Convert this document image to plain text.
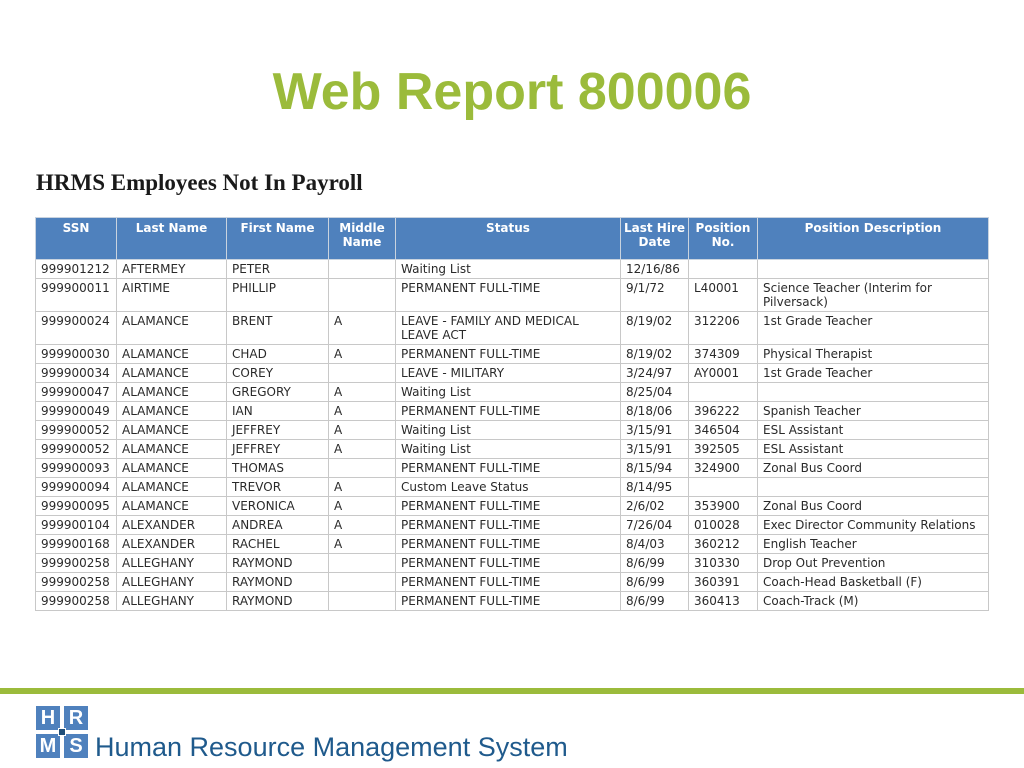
Web Report 800006
HRMS Employees Not In Payroll
SSN	Last Name	First Name	Middle Name	Status	Last Hire Date	Position No.	Position Description
999901212	AFTERMEY	PETER		Waiting List	12/16/86		
999900011	AIRTIME	PHILLIP		PERMANENT FULL-TIME	9/1/72	L40001	Science Teacher (Interim for Pilversack)
999900024	ALAMANCE	BRENT	A	LEAVE - FAMILY AND MEDICAL LEAVE ACT	8/19/02	312206	1st Grade Teacher
999900030	ALAMANCE	CHAD	A	PERMANENT FULL-TIME	8/19/02	374309	Physical Therapist
999900034	ALAMANCE	COREY		LEAVE - MILITARY	3/24/97	AY0001	1st Grade Teacher
999900047	ALAMANCE	GREGORY	A	Waiting List	8/25/04		
999900049	ALAMANCE	IAN	A	PERMANENT FULL-TIME	8/18/06	396222	Spanish Teacher
999900052	ALAMANCE	JEFFREY	A	Waiting List	3/15/91	346504	ESL Assistant
999900052	ALAMANCE	JEFFREY	A	Waiting List	3/15/91	392505	ESL Assistant
999900093	ALAMANCE	THOMAS		PERMANENT FULL-TIME	8/15/94	324900	Zonal Bus Coord
999900094	ALAMANCE	TREVOR	A	Custom Leave Status	8/14/95		
999900095	ALAMANCE	VERONICA	A	PERMANENT FULL-TIME	2/6/02	353900	Zonal Bus Coord
999900104	ALEXANDER	ANDREA	A	PERMANENT FULL-TIME	7/26/04	010028	Exec Director Community Relations
999900168	ALEXANDER	RACHEL	A	PERMANENT FULL-TIME	8/4/03	360212	English Teacher
999900258	ALLEGHANY	RAYMOND		PERMANENT FULL-TIME	8/6/99	310330	Drop Out Prevention
999900258	ALLEGHANY	RAYMOND		PERMANENT FULL-TIME	8/6/99	360391	Coach-Head Basketball (F)
999900258	ALLEGHANY	RAYMOND		PERMANENT FULL-TIME	8/6/99	360413	Coach-Track (M)
H R
M S Human Resource Management System
